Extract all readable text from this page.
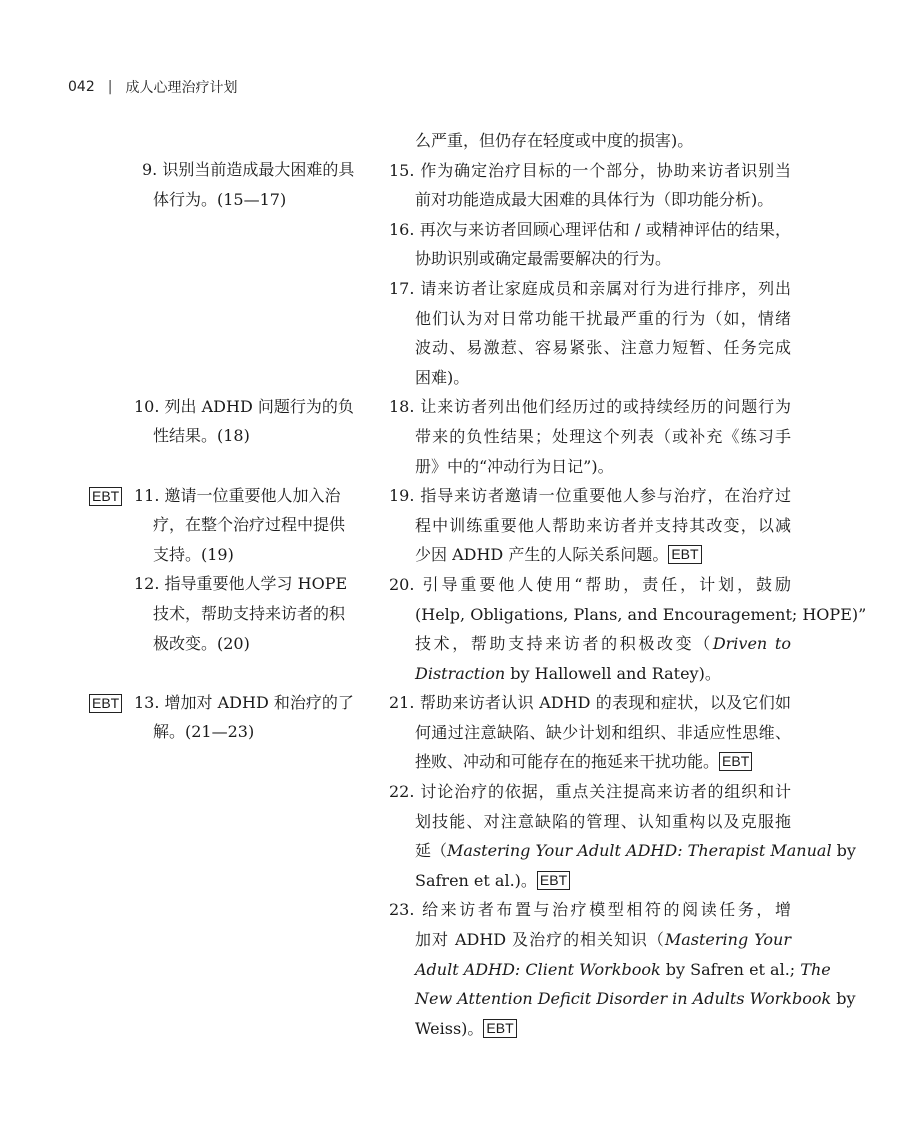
042 | 成人心理治疗计划
9. 识别当前造成最大困难的具
体行为。(15—17)
10. 列出 ADHD 问题行为的负
性结果。(18)
11. 邀请一位重要他人加入治
疗，在整个治疗过程中提供
支持。(19)
12. 指导重要他人学习 HOPE
技术，帮助支持来访者的积
极改变。(20)
13. 增加对 ADHD 和治疗的了
解。(21—23)
么严重，但仍存在轻度或中度的损害)。
15. 作为确定治疗目标的一个部分，协助来访者识别当
前对功能造成最大困难的具体行为（即功能分析)。
16. 再次与来访者回顾心理评估和 / 或精神评估的结果，
协助识别或确定最需要解决的行为。
17. 请来访者让家庭成员和亲属对行为进行排序，列出
他们认为对日常功能干扰最严重的行为（如，情绪
波动、易激惹、容易紧张、注意力短暂、任务完成
困难)。
18. 让来访者列出他们经历过的或持续经历的问题行为
带来的负性结果；处理这个列表（或补充《练习手
册》中的“冲动行为日记”)。
19. 指导来访者邀请一位重要他人参与治疗，在治疗过
程中训练重要他人帮助来访者并支持其改变，以减
少因 ADHD 产生的人际关系问题。 EBT
20. 引导重要他人使用“帮助，责任，计划，鼓励
(Help, Obligations, Plans, and Encouragement; HOPE)”
技术，帮助支持来访者的积极改变（Driven to
Distraction by Hallowell and Ratey)。
21. 帮助来访者认识 ADHD 的表现和症状，以及它们如
何通过注意缺陷、缺少计划和组织、非适应性思维、
挫败、冲动和可能存在的拖延来干扰功能。 EBT
22. 讨论治疗的依据，重点关注提高来访者的组织和计
划技能、对注意缺陷的管理、认知重构以及克服拖
延（Mastering Your Adult ADHD: Therapist Manual by
Safren et al.)。 EBT
23. 给来访者布置与治疗模型相符的阅读任务，增
加对 ADHD 及治疗的相关知识（Mastering Your
Adult ADHD: Client Workbook by Safren et al.; The
New Attention Deficit Disorder in Adults Workbook by
Weiss)。 EBT
EBT
EBT
